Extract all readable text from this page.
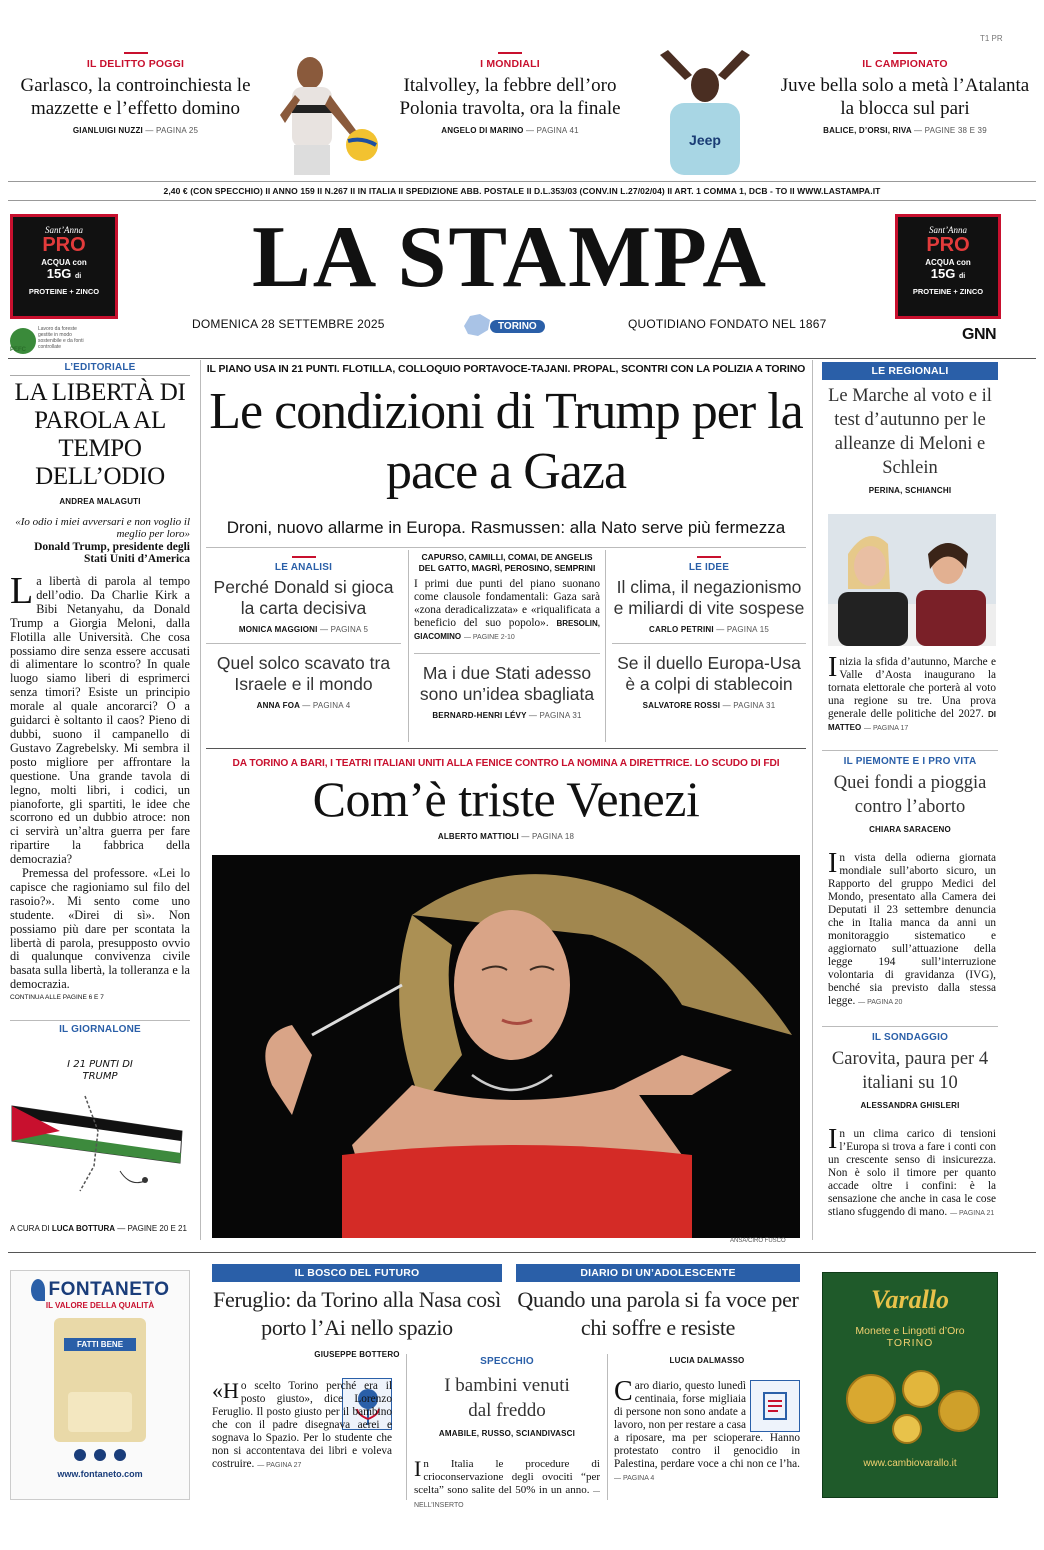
T1 PR
IL DELITTO POGGI
Garlasco, la controinchiesta le mazzette e l’effetto domino
GIANLUIGI NUZZI — PAGINA 25
I MONDIALI
Italvolley, la febbre dell’oro Polonia travolta, ora la finale
ANGELO DI MARINO — PAGINA 41
Jeep
IL CAMPIONATO
Juve bella solo a metà l’Atalanta la blocca sul pari
BALICE, D’ORSI, RIVA — PAGINE 38 E 39
2,40 € (CON SPECCHIO) II ANNO 159 II N.267 II IN ITALIA II SPEDIZIONE ABB. POSTALE II D.L.353/03 (CONV.IN L.27/02/04) II ART. 1 COMMA 1, DCB - TO II WWW.LASTAMPA.IT
Sant’Anna
PRO
ACQUA con
15G di
PROTEINE + ZINCO
Sant’Anna
PRO
ACQUA con
15G di
PROTEINE + ZINCO
LA STAMPA
DOMENICA 28 SETTEMBRE 2025	TORINO	QUOTIDIANO FONDATO NEL 1867
PEFC
Lavoro da foreste gestite in modo sostenibile e da fonti controllate
GNN
L’EDITORIALE
LA LIBERTÀ DI PAROLA AL TEMPO DELL’ODIO
ANDREA MALAGUTI
«Io odio i miei avversari e non voglio il meglio per loro»
Donald Trump, presidente degli Stati Uniti d’America
La libertà di parola al tempo dell’odio. Da Charlie Kirk a Bibi Netanyahu, da Donald Trump a Giorgia Meloni, dalla Flotilla alle Università. Che cosa possiamo dire senza essere accusati di alimentare lo scontro? In quale luogo siamo liberi di esprimerci senza timori? Esiste un principio morale al quale ancorarci? O a guidarci è soltanto il caos? Pieno di dubbi, suono il campanello di Gustavo Zagrebelsky. Mi sembra il posto migliore per affrontare la questione. Una grande tavola di legno, molti libri, i codici, un pianoforte, gli spartiti, le idee che scorrono ed un dubbio atroce: non ci servirà un’altra guerra per fare ripartire la fabbrica della democrazia?
Premessa del professore. «Lei lo capisce che ragioniamo sul filo del rasoio?». Mi sento come uno studente. «Direi di sì». Non possiamo più dare per scontata la libertà di parola, presupposto ovvio di qualunque convivenza civile basata sulla libertà, la tolleranza e la democrazia.
CONTINUA ALLE PAGINE 6 E 7
IL GIORNALONE
I 21 PUNTI DI TRUMP
A CURA DI LUCA BOTTURA — PAGINE 20 E 21
IL PIANO USA IN 21 PUNTI. FLOTILLA, COLLOQUIO PORTAVOCE-TAJANI. PROPAL, SCONTRI CON LA POLIZIA A TORINO
Le condizioni di Trump per la pace a Gaza
Droni, nuovo allarme in Europa. Rasmussen: alla Nato serve più fermezza
LE ANALISI
Perché Donald si gioca la carta decisiva
MONICA MAGGIONI — PAGINA 5
Quel solco scavato tra Israele e il mondo
ANNA FOA — PAGINA 4
CAPURSO, CAMILLI, COMAI, DE ANGELIS DEL GATTO, MAGRÌ, PEROSINO, SEMPRINI
I primi due punti del piano suonano come clausole fondamentali: Gaza sarà «zona deradicalizzata» e «riqualificata a beneficio del suo popolo». BRESOLIN, GIACOMINO — PAGINE 2-10
Ma i due Stati adesso sono un’idea sbagliata
BERNARD-HENRI LÉVY — PAGINA 31
LE IDEE
Il clima, il negazionismo e miliardi di vite sospese
CARLO PETRINI — PAGINA 15
Se il duello Europa-Usa è a colpi di stablecoin
SALVATORE ROSSI — PAGINA 31
DA TORINO A BARI, I TEATRI ITALIANI UNITI ALLA FENICE CONTRO LA NOMINA A DIRETTRICE. LO SCUDO DI FDI
Com’è triste Venezi
ALBERTO MATTIOLI — PAGINA 18
ANSA/CIRO FUSCO
LE REGIONALI
Le Marche al voto e il test d’autunno per le alleanze di Meloni e Schlein
PERINA, SCHIANCHI
Inizia la sfida d’autunno, Marche e Valle d’Aosta inaugurano la tornata elettorale che porterà al voto una regione su tre. Una prova generale delle politiche del 2027. DI MATTEO — PAGINA 17
IL PIEMONTE E I PRO VITA
Quei fondi a pioggia contro l’aborto
CHIARA SARACENO
In vista della odierna giornata mondiale sull’aborto sicuro, un Rapporto del gruppo Medici del Mondo, presentato alla Camera dei Deputati il 23 settembre denuncia che in Italia manca da anni un monitoraggio sistematico e aggiornato sull’attuazione della legge 194 sull’interruzione volontaria di gravidanza (IVG), benché sia previsto dalla stessa legge. — PAGINA 20
IL SONDAGGIO
Carovita, paura per 4 italiani su 10
ALESSANDRA GHISLERI
In un clima carico di tensioni l’Europa si trova a fare i conti con un crescente senso di insicurezza. Non è solo il timore per quanto accade oltre i confini: è la sensazione che anche in casa le cose stiano sfuggendo di mano. — PAGINA 21
FONTANETO
IL VALORE DELLA QUALITÀ
FATTI BENE

www.fontaneto.com
IL BOSCO DEL FUTURO
Feruglio: da Torino alla Nasa così porto l’Ai nello spazio
GIUSEPPE BOTTERO
«Ho scelto Torino perché era il posto giusto», dice Lorenzo Feruglio. Il posto giusto per il bambino che con il padre disegnava aerei e sognava lo Spazio. Per lo studente che non si accontentava dei libri e voleva costruire. — PAGINA 27
SPECCHIO
I bambini venuti dal freddo
AMABILE, RUSSO, SCIANDIVASCI
In Italia le procedure di crioconservazione degli ovociti “per scelta” sono salite del 50% in un anno. — NELL’INSERTO
DIARIO DI UN’ADOLESCENTE
Quando una parola si fa voce per chi soffre e resiste
LUCIA DALMASSO
Caro diario, questo lunedì centinaia, forse migliaia di persone non sono andate a lavoro, non per restare a casa a riposare, ma per scioperare. Hanno protestato contro il genocidio in Palestina, perdare voce a chi non ce l’ha. — PAGINA 4
Varallo
Monete e Lingotti d’Oro
TORINO
www.cambiovarallo.it
